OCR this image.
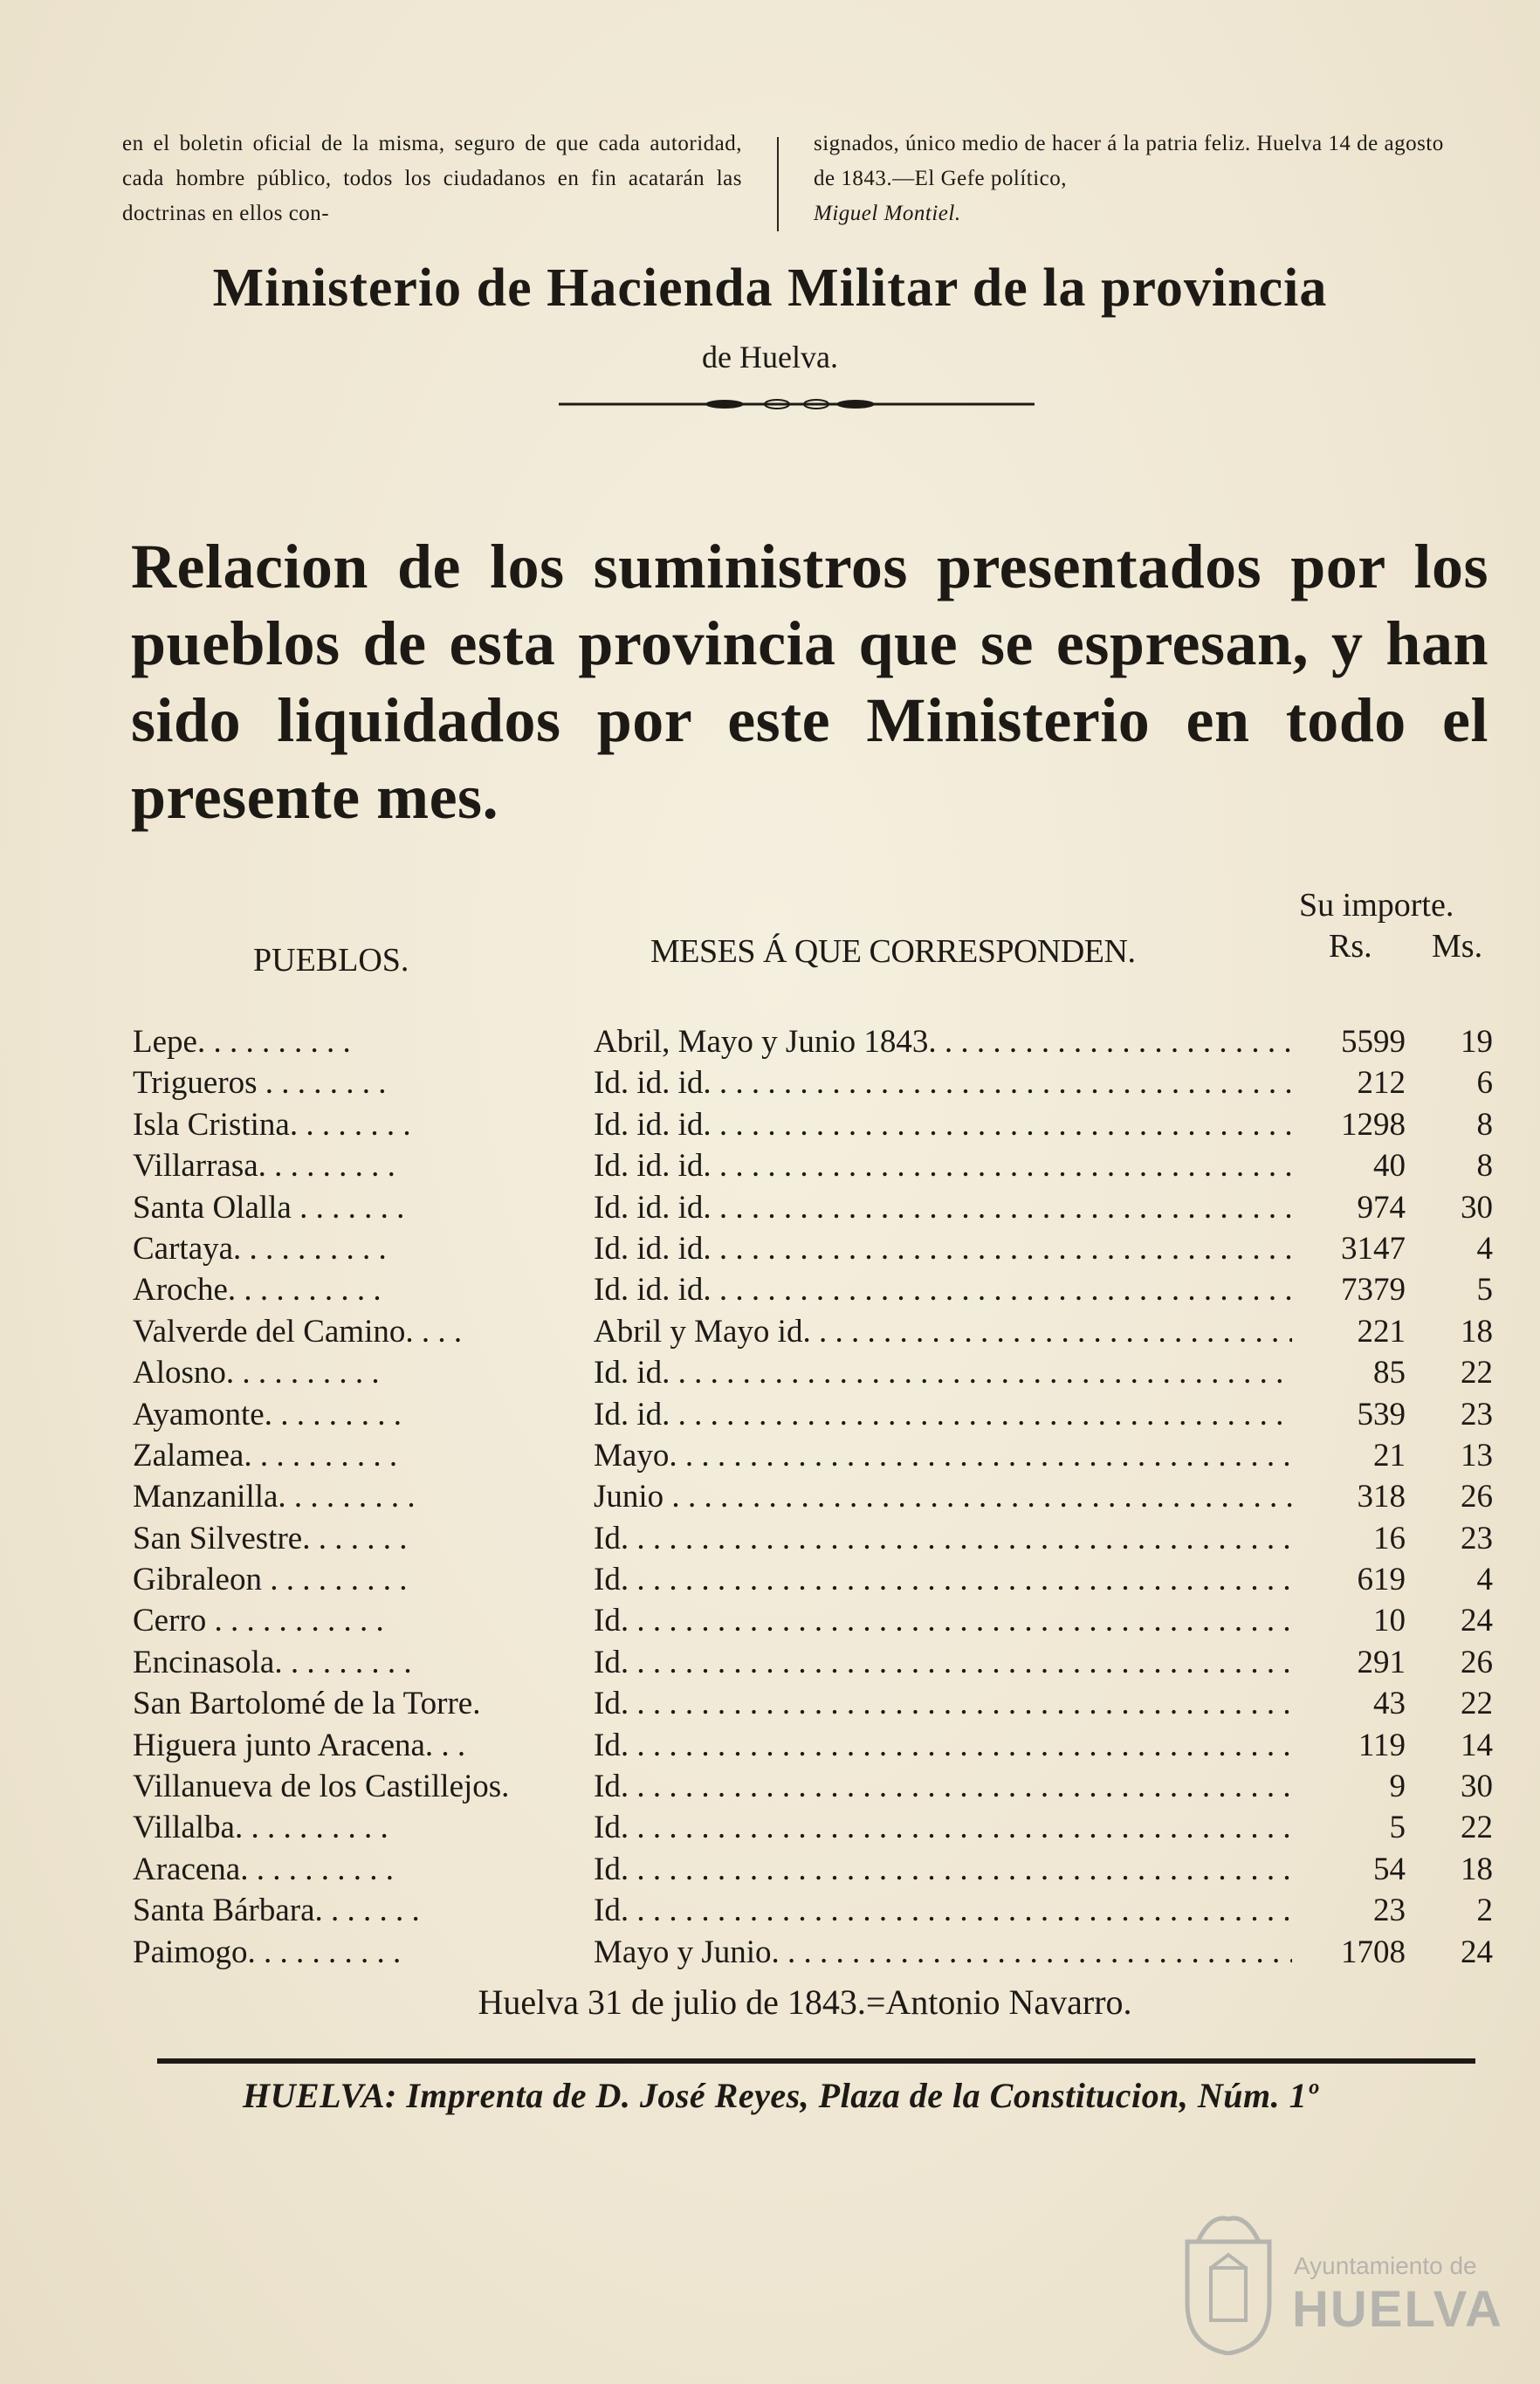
en el boletin oficial de la misma, seguro de que cada autoridad, cada hombre público, todos los ciudadanos en fin acatarán las doctrinas en ellos con-
signados, único medio de hacer á la patria feliz. Huelva 14 de agosto de 1843.—El Gefe político,
Miguel Montiel.
Ministerio de Hacienda Militar de la provincia
de Huelva.
Relacion de los suministros presentados por los pueblos de esta provincia que se espresan, y han sido liquidados por este Ministerio en todo el presente mes.
PUEBLOS.	MESES Á QUE CORRESPONDEN.
Su importe.
Rs. Ms.
Lepe. . . . . . . . . .	Abril, Mayo y Junio 1843. . . .	5599	19
Trigueros . . . . . . . .	Id. id. id. . . .	212	6
Isla Cristina. . . . . . . .	Id. id. id. . . .	1298	8
Villarrasa. . . . . . . . .	Id. id. id. . . .	40	8
Santa Olalla . . . . . . .	Id. id. id. . . .	974	30
Cartaya. . . . . . . . . .	Id. id. id. . . .	3147	4
Aroche. . . . . . . . . .	Id. id. id. . . .	7379	5
Valverde del Camino. . . .	Abril y Mayo id. . . .	221	18
Alosno. . . . . . . . . .	Id. id. . . .	85	22
Ayamonte. . . . . . . . .	Id. id. . . .	539	23
Zalamea. . . . . . . . . .	Mayo. . . .	21	13
Manzanilla. . . . . . . . .	Junio . . . .	318	26
San Silvestre. . . . . . .	Id. . . .	16	23
Gibraleon . . . . . . . . .	Id. . . .	619	4
Cerro . . . . . . . . . . .	Id. . . .	10	24
Encinasola. . . . . . . . .	Id. . . .	291	26
San Bartolomé de la Torre.	Id. . . .	43	22
Higuera junto Aracena. . .	Id. . . .	119	14
Villanueva de los Castillejos.	Id. . . .	9	30
Villalba. . . . . . . . . .	Id. . . .	5	22
Aracena. . . . . . . . . .	Id. . . .	54	18
Santa Bárbara. . . . . . .	Id. . . .	23	2
Paimogo. . . . . . . . . .	Mayo y Junio. . . .	1708	24
Huelva 31 de julio de 1843.=Antonio Navarro.
HUELVA: Imprenta de D. José Reyes, Plaza de la Constitucion, Núm. 1º
Ayuntamiento de
HUELVA
